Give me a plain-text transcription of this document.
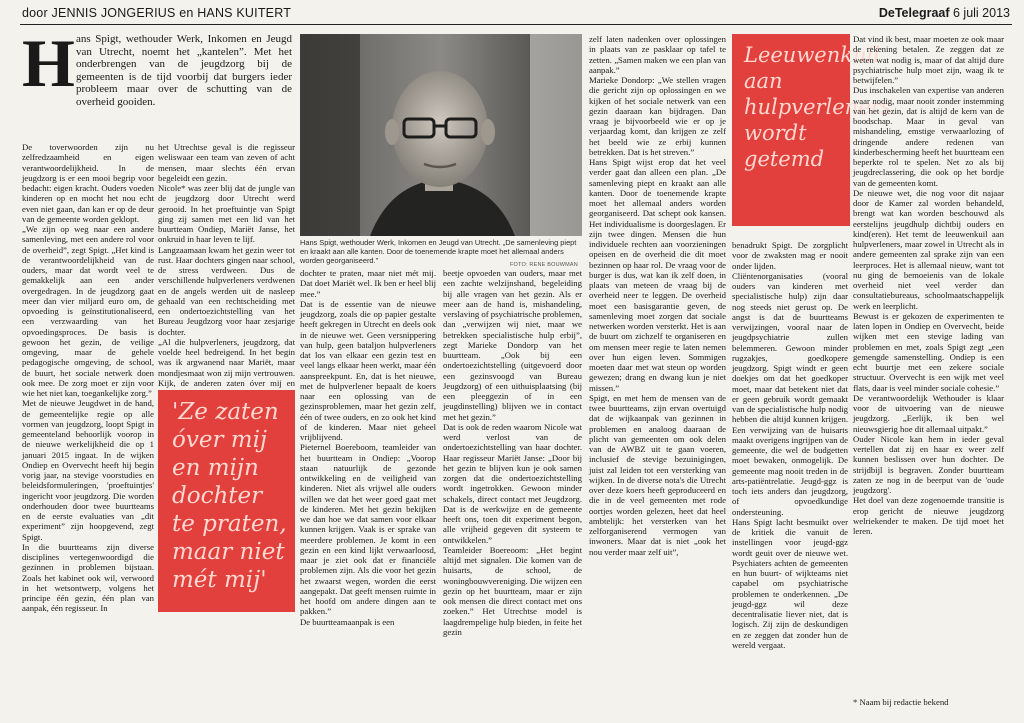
door JENNIS JONGERIUS en HANS KUITERT	DeTelegraaf 6 juli 2013
H ans Spigt, wethouder Werk, Inkomen en Jeugd van Utrecht, noemt het „kantelen”. Met het onderbrengen van de jeugdzorg bij de gemeenten is de tijd voorbij dat burgers ieder probleem maar over de schutting van de overheid gooiden.
De toverwoorden zijn nu zelfredzaamheid en eigen verantwoordelijkheid. In de jeugdzorg is er een mooi begrip voor bedacht: eigen kracht. Ouders voeden kinderen op en mocht het nou echt even niet gaan, dan kan er op de deur van de gemeente worden geklopt.
„We zijn op weg naar een andere samenleving, met een andere rol voor de overheid”, zegt Spigt. „Het kind is de verantwoordelijkheid van de ouders, maar dat wordt veel te gemakkelijk aan een ander overgedragen. In de jeugdzorg gaat meer dan vier miljard euro om, de opvoeding is geïnstitutionaliseerd, een verzwaarding van het opvoedingsproces. De basis is gewoon het gezin, de veilige omgeving, maar de gehele pedagogische omgeving, de school, de buurt, het sociale netwerk doen ook mee. De zorg moet er zijn voor wie het niet kan, toegankelijke zorg.”
Met de nieuwe Jeugdwet in de hand, de gemeentelijke regie op alle vormen van jeugdzorg, loopt Spigt in gemeenteland behoorlijk voorop in de nieuwe werkelijkheid die op 1 januari 2015 ingaat. In de wijken Ondiep en Overvecht heeft hij begin vorig jaar, na stevige voorstudies en beleidsformuleringen, 'proeftuintjes' ingericht voor jeugdzorg. Die worden onderhouden door twee buurtteams en de eerste evaluaties van „dit experiment” zijn hoopgevend, zegt Spigt.
In die buurtteams zijn diverse disciplines vertegenwoordigd die gezinnen in problemen bijstaan. Zoals het kabinet ook wil, verwoord in het wetsontwerp, volgens het principe één gezin, één plan van aanpak, één regisseur. In
het Utrechtse geval is die regisseur weliswaar een team van zeven of acht mensen, maar slechts één ervan begeleidt een gezin.
Nicole* was zeer blij dat de jungle van de jeugdzorg door Utrecht werd gerooid. In het proeftuintje van Spigt ging zij samen met een lid van het buurtteam Ondiep, Mariët Janse, het onkruid in haar leven te lijf.
Langzaamaan kwam het gezin weer tot rust. Haar dochters gingen naar school, de stress verdween. Dus de verschillende hulpverleners verdwenen en de angels werden uit de nasleep gehaald van een rechtscheiding met een ondertoezichtstelling van het Bureau Jeugdzorg voor haar zesjarige dochter.
„Al die hulpverleners, jeugdzorg, dat voelde heel bedreigend. In het begin was ik argwanend naar Mariët, maar mondjesmaat won zij mijn vertrouwen. Kijk, de anderen zaten óver mij en
Hans Spigt, wethouder Werk, Inkomen en Jeugd van Utrecht. „De samenleving piept en kraakt aan alle kanten. Door de toenemende krapte moet het allemaal anders worden georganiseerd.”	FOTO: RENE BOUWMAN
'Ze zaten óver mij en mijn dochter te praten, maar niet mét mij'
dochter te praten, maar niet mét mij. Dat doet Mariët wel. Ik ben er heel blij mee.”
Dat is de essentie van de nieuwe jeugdzorg, zoals die op papier gestalte heeft gekregen in Utrecht en deels ook in de nieuwe wet. Geen versnippering van hulp, geen bataljon hulpverleners dat los van elkaar een gezin test en veel langs elkaar heen werkt, maar één aanspreekpunt. En, dat is het nieuwe, met de hulpverlener bepaalt de koers naar een oplossing van de gezinsproblemen, maar het gezin zelf, één of twee ouders, en zo ook het kind of de kinderen. Maar niet geheel vrijblijvend.
Pieternel Boereboom, teamleider van het buurtteam in Ondiep: „Voorop staan natuurlijk de gezonde ontwikkeling en de veiligheid van kinderen. Niet als vrijwel alle ouders willen we dat het weer goed gaat met de kinderen. Met het gezin bekijken we dan hoe we dat samen voor elkaar kunnen krijgen. Vaak is er sprake van meerdere problemen. Je komt in een gezin en een kind lijkt verwaarloosd, maar je ziet ook dat er financiële problemen zijn. Als die voor het gezin het zwaarst wegen, worden die eerst aangepakt. Dat geeft mensen ruimte in het hoofd om andere dingen aan te pakken.”
De buurtteamaanpak is een
beetje opvoeden van ouders, maar met een zachte welzijnshand, begeleiding bij alle vragen van het gezin. Als er meer aan de hand is, mishandeling, verslaving of psychiatrische problemen, dan „verwijzen wij niet, maar we betrekken specialistische hulp erbij”, zegt Marieke Dondorp van het buurtteam. „Ook bij een ondertoezichtstelling (uitgevoerd door een gezinsvoogd van Bureau Jeugdzorg) of een uithuisplaatsing (bij een pleeggezin of in een jeugdinstelling) blijven we in contact met het gezin.”
Dat is ook de reden waarom Nicole wat werd verlost van de ondertoezichtstelling van haar dochter. Haar regisseur Mariët Janse: „Door bij het gezin te blijven kun je ook samen zorgen dat die ondertoezichtstelling wordt ingetrokken. Gewoon minder schakels, direct contact met Jeugdzorg. Dat is de werkwijze en de gemeente heeft ons, toen dit experiment begon, alle vrijheid gegeven dit systeem te ontwikkelen.”
Teamleider Boereoom: „Het begint altijd met signalen. Die komen van de huisarts, de school, de woningbouwvereniging. Die wijzen een gezin op het buurtteam, maar er zijn ook mensen die direct contact met ons zoeken.” Het Utrechtse model is laagdrempelige hulp bieden, in feite het gezin
zelf laten nadenken over oplossingen in plaats van ze pasklaar op tafel te zetten. „Samen maken we een plan van aanpak.”
Marieke Dondorp: „We stellen vragen die gericht zijn op oplossingen en we kijken of het sociale netwerk van een gezin daaraan kan bijdragen. Dan vraag je bijvoorbeeld wie er op je verjaardag komt, dan krijgen ze zelf het beeld wie ze erbij kunnen betrekken. Dat is het streven.”
Hans Spigt wijst erop dat het veel verder gaat dan alleen een plan. „De samenleving piept en kraakt aan alle kanten. Door de toenemende krapte moet het allemaal anders worden georganiseerd. Dat schept ook kansen. Het individualisme is doorgeslagen. Er zijn twee dingen. Mensen die hun individuele rechten aan voorzieningen opeisen en de overheid die dit moet bezinnen op haar rol. De vraag voor de burger is dus, wat kan ik zelf doen, in plaats van meteen de vraag bij de overheid neer te leggen. De overheid moet een basisgarantie geven, de samenleving moet zorgen dat sociale netwerken worden versterkt. Het is aan de buurt om zichzelf te organiseren en om mensen meer regie te laten nemen over hun eigen leven. Sommigen moeten daar met wat steun op worden gewezen; drang en dwang kun je niet missen.”
Spigt, en met hem de mensen van de twee buurtteams, zijn ervan overtuigd dat de wijkaanpak van gezinnen in problemen en analoog daaraan de plicht van gemeenten om ook delen van de AWBZ uit te gaan voeren, inclusief de stevige bezuinigingen, juist zal leiden tot een versterking van wijken. In de diverse nota's die Utrecht over deze koers heeft geproduceerd en die in de veel gemeenten met rode oortjes worden gelezen, heet dat heel ambtelijk: het versterken van het zelforganiserend vermogen van inwoners. Maar dat is niet „ook het nou verder maar zelf uit”,
Leeuwenkuil aan hulpverleners wordt getemd
benadrukt Spigt. De zorgplicht voor de zwaksten mag er nooit onder lijden.
Cliëntenorganisaties (vooral ouders van kinderen met specialistische hulp) zijn daar nog steeds niet gerust op. De angst is dat de buurtteams verwijzingen, vooral naar de jeugdpsychiatrie zullen belemmeren. Gewoon minder rugzakjes, goedkopere jeugdzorg. Spigt windt er geen doekjes om dat het goedkoper moet, maar dat betekent niet dat er geen gebruik wordt gemaakt van de specialistische hulp nodig hebben die altijd kunnen krijgen. Een verwijzing van de huisarts maakt overigens ingrijpen van de gemeente, die wel de budgetten moet bewaken, onmogelijk. De gemeente mag nooit treden in de arts-patiëntrelatie. Jeugd-ggz is toch iets anders dan jeugdzorg, of opvoedkundige ondersteuning.
Hans Spigt lacht besmuikt over de kritiek die vanuit de instellingen voor jeugd-ggz wordt geuit over de nieuwe wet. Psychiaters achten de gemeenten en hun buurt- of wijkteams niet capabel om psychiatrische problemen te onderkennen. „De jeugd-ggz wil deze decentralisatie liever niet, dat is logisch. Zij zijn de deskundigen en ze zeggen dat zonder hun de wereld vergaat.
Dat vind ik best, maar moeten ze ook maar de rekening betalen. Ze zeggen dat ze weten wat nodig is, maar of dat altijd dure psychiatrische hulp moet zijn, waag ik te betwijfelen.”
Dus inschakelen van expertise van anderen waar nodig, maar nooit zonder instemming van het gezin, dat is altijd de kern van de boodschap. Maar in geval van mishandeling, emstige verwaarlozing of dringende andere redenen van kinderbescherming heeft het buurtteam een beperkte rol te spelen. Net zo als bij jeugdreclassering, die ook op het bordje van de gemeenten komt.
De nieuwe wet, die nog voor dit najaar door de Kamer zal worden behandeld, brengt wat kan worden beschouwd als eerstelijns jeugdhulp dichtbij ouders en kind(eren). Het temt de leeuwenkuil aan hulpverleners, maar zowel in Utrecht als in andere gemeenten zal sprake zijn van een leerproces. Het is allemaal nieuw, want tot nu ging de bemoeienis van de lokale overheid niet veel verder dan consultatiebureaus, schoolmaatschappelijk werk en leerplicht.
Bewust is er gekozen de experimenten te laten lopen in Ondiep en Overvecht, beide wijken met een stevige lading van problemen en met, zoals Spigt zegt „een gemengde samenstelling. Ondiep is een echt buurtje met een zekere sociale structuur. Overvecht is een wijk met veel flats, daar is veel minder sociale cohesie.”
De verantwoordelijk Wethouder is klaar voor de uitvoering van de nieuwe jeugdzorg. „Eerlijk, ik ben wel nieuwsgierig hoe dit allemaal uitpakt.”
Ouder Nicole kan hem in ieder geval vertellen dat zij en haar ex weer zelf kunnen beslissen over hun dochter. De strijdbijl is begraven. Zonder buurtteam zaten ze nog in de beerput van de 'oude jeugdzorg'.
Het doel van deze zogenoemde transitie is erop gericht de nieuwe jeugdzorg welriekender te maken. De tijd moet het leren.
* Naam bij redactie bekend
